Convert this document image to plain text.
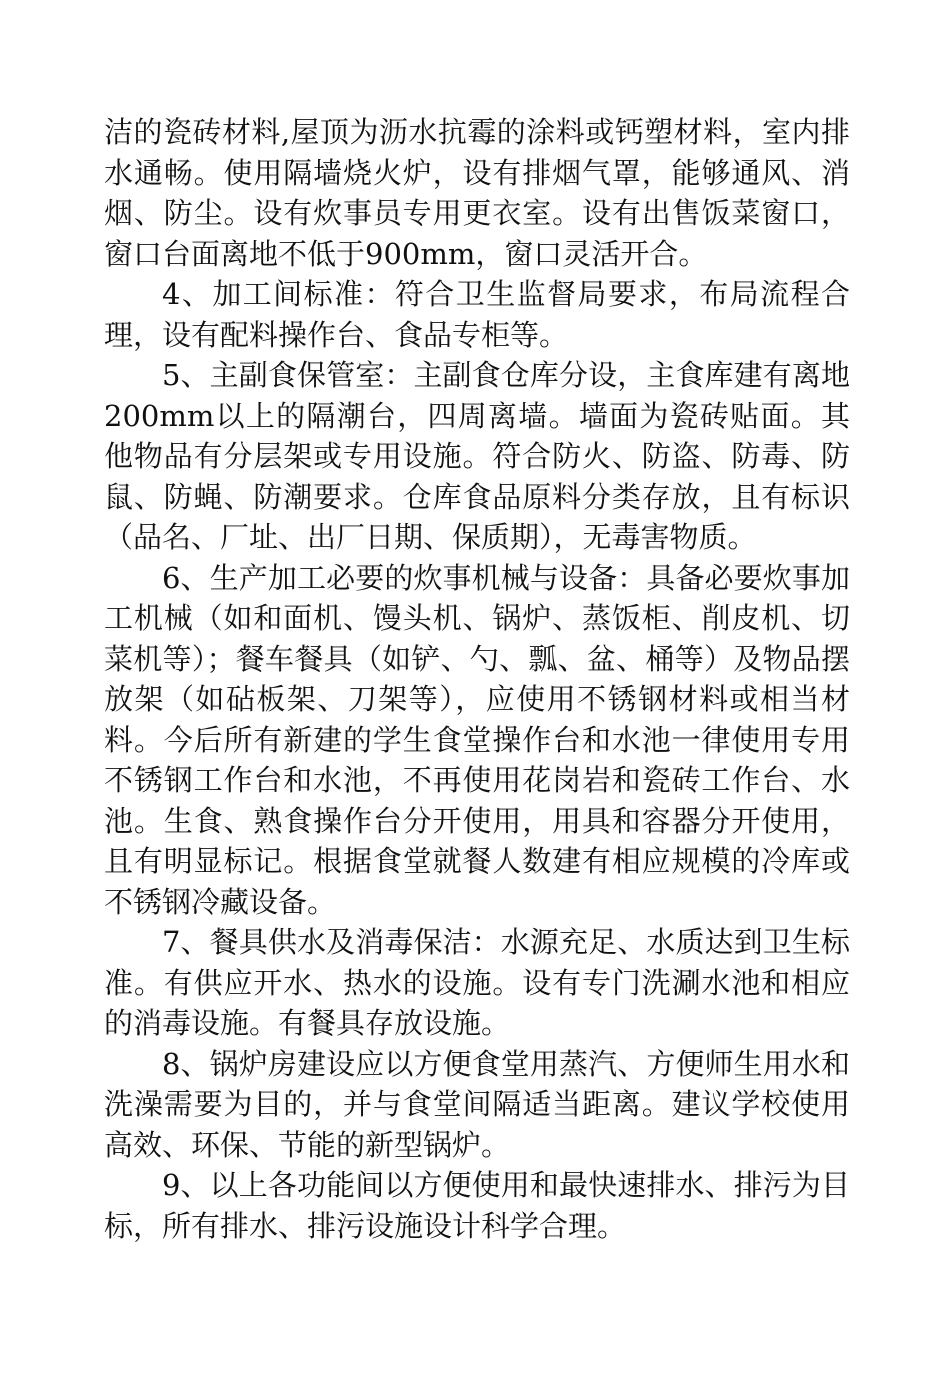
洁的瓷砖材料,屋顶为沥水抗霉的涂料或钙塑材料，室内排水通畅。使用隔墙烧火炉，设有排烟气罩，能够通风、消烟、防尘。设有炊事员专用更衣室。设有出售饭菜窗口，窗口台面离地不低于900mm，窗口灵活开合。

4、加工间标准：符合卫生监督局要求，布局流程合理，设有配料操作台、食品专柜等。

5、主副食保管室：主副食仓库分设，主食库建有离地200mm以上的隔潮台，四周离墙。墙面为瓷砖贴面。其他物品有分层架或专用设施。符合防火、防盗、防毒、防鼠、防蝇、防潮要求。仓库食品原料分类存放，且有标识（品名、厂址、出厂日期、保质期），无毒害物质。

6、生产加工必要的炊事机械与设备：具备必要炊事加工机械（如和面机、馒头机、锅炉、蒸饭柜、削皮机、切菜机等）；餐车餐具（如铲、勺、瓢、盆、桶等）及物品摆放架（如砧板架、刀架等），应使用不锈钢材料或相当材料。今后所有新建的学生食堂操作台和水池一律使用专用不锈钢工作台和水池，不再使用花岗岩和瓷砖工作台、水池。生食、熟食操作台分开使用，用具和容器分开使用，且有明显标记。根据食堂就餐人数建有相应规模的冷库或不锈钢冷藏设备。

7、餐具供水及消毒保洁：水源充足、水质达到卫生标准。有供应开水、热水的设施。设有专门洗涮水池和相应的消毒设施。有餐具存放设施。

8、锅炉房建设应以方便食堂用蒸汽、方便师生用水和洗澡需要为目的，并与食堂间隔适当距离。建议学校使用高效、环保、节能的新型锅炉。

9、以上各功能间以方便使用和最快速排水、排污为目标，所有排水、排污设施设计科学合理。
